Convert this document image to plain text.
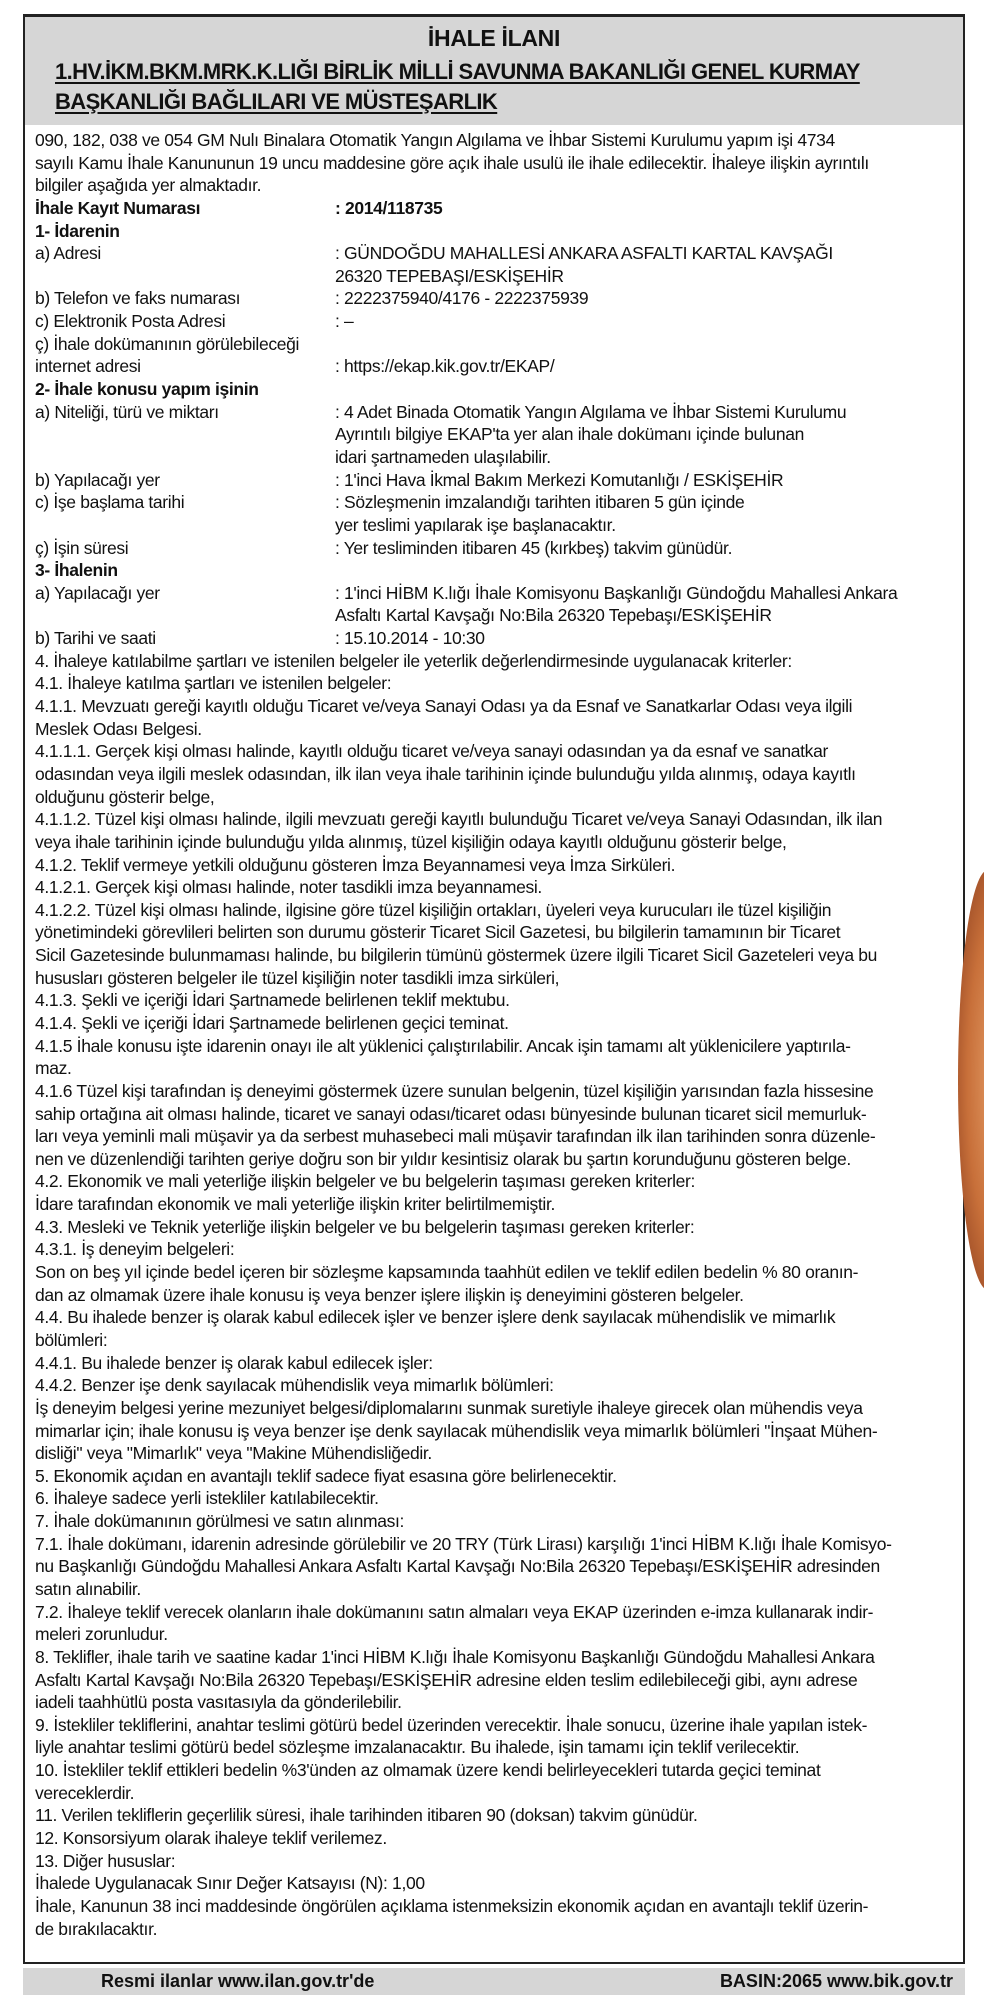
İHALE İLANI
1.HV.İKM.BKM.MRK.K.LIĞI BİRLİK MİLLİ SAVUNMA BAKANLIĞI GENEL KURMAY
BAŞKANLIĞI BAĞLILARI VE MÜSTEŞARLIK
090, 182, 038 ve 054 GM Nulı Binalara Otomatik Yangın Algılama ve İhbar Sistemi Kurulumu yapım işi 4734
sayılı Kamu İhale Kanununun 19 uncu maddesine göre açık ihale usulü ile ihale edilecektir. İhaleye ilişkin ayrıntılı
bilgiler aşağıda yer almaktadır.
İhale Kayıt Numarası	: 2014/118735
1- İdarenin
a) Adresi	: GÜNDOĞDU MAHALLESİ ANKARA ASFALTI KARTAL KAVŞAĞI
26320 TEPEBAŞI/ESKİŞEHİR
b) Telefon ve faks numarası	: 2222375940/4176 - 2222375939
c) Elektronik Posta Adresi	: –
ç) İhale dokümanının görülebileceği
internet adresi	: https://ekap.kik.gov.tr/EKAP/
2- İhale konusu yapım işinin
a) Niteliği, türü ve miktarı	: 4 Adet Binada Otomatik Yangın Algılama ve İhbar Sistemi Kurulumu
Ayrıntılı bilgiye EKAP'ta yer alan ihale dokümanı içinde bulunan
idari şartnameden ulaşılabilir.
b) Yapılacağı yer	: 1'inci Hava İkmal Bakım Merkezi Komutanlığı / ESKİŞEHİR
c) İşe başlama tarihi	: Sözleşmenin imzalandığı tarihten itibaren 5 gün içinde
yer teslimi yapılarak işe başlanacaktır.
ç) İşin süresi	: Yer tesliminden itibaren 45 (kırkbeş) takvim günüdür.
3- İhalenin
a) Yapılacağı yer	: 1'inci HİBM K.lığı İhale Komisyonu Başkanlığı Gündoğdu Mahallesi Ankara
Asfaltı Kartal Kavşağı No:Bila 26320 Tepebaşı/ESKİŞEHİR
b) Tarihi ve saati	: 15.10.2014 - 10:30
4. İhaleye katılabilme şartları ve istenilen belgeler ile yeterlik değerlendirmesinde uygulanacak kriterler:
4.1. İhaleye katılma şartları ve istenilen belgeler:
4.1.1. Mevzuatı gereği kayıtlı olduğu Ticaret ve/veya Sanayi Odası ya da Esnaf ve Sanatkarlar Odası veya ilgili
Meslek Odası Belgesi.
4.1.1.1. Gerçek kişi olması halinde, kayıtlı olduğu ticaret ve/veya sanayi odasından ya da esnaf ve sanatkar
odasından veya ilgili meslek odasından, ilk ilan veya ihale tarihinin içinde bulunduğu yılda alınmış, odaya kayıtlı
olduğunu gösterir belge,
4.1.1.2. Tüzel kişi olması halinde, ilgili mevzuatı gereği kayıtlı bulunduğu Ticaret ve/veya Sanayi Odasından, ilk ilan
veya ihale tarihinin içinde bulunduğu yılda alınmış, tüzel kişiliğin odaya kayıtlı olduğunu gösterir belge,
4.1.2. Teklif vermeye yetkili olduğunu gösteren İmza Beyannamesi veya İmza Sirküleri.
4.1.2.1. Gerçek kişi olması halinde, noter tasdikli imza beyannamesi.
4.1.2.2. Tüzel kişi olması halinde, ilgisine göre tüzel kişiliğin ortakları, üyeleri veya kurucuları ile tüzel kişiliğin
yönetimindeki görevlileri belirten son durumu gösterir Ticaret Sicil Gazetesi, bu bilgilerin tamamının bir Ticaret
Sicil Gazetesinde bulunmaması halinde, bu bilgilerin tümünü göstermek üzere ilgili Ticaret Sicil Gazeteleri veya bu
hususları gösteren belgeler ile tüzel kişiliğin noter tasdikli imza sirküleri,
4.1.3. Şekli ve içeriği İdari Şartnamede belirlenen teklif mektubu.
4.1.4. Şekli ve içeriği İdari Şartnamede belirlenen geçici teminat.
4.1.5 İhale konusu işte idarenin onayı ile alt yüklenici çalıştırılabilir. Ancak işin tamamı alt yüklenicilere yaptırıla-
maz.
4.1.6 Tüzel kişi tarafından iş deneyimi göstermek üzere sunulan belgenin, tüzel kişiliğin yarısından fazla hissesine
sahip ortağına ait olması halinde, ticaret ve sanayi odası/ticaret odası bünyesinde bulunan ticaret sicil memurluk-
ları veya yeminli mali müşavir ya da serbest muhasebeci mali müşavir tarafından ilk ilan tarihinden sonra düzenle-
nen ve düzenlendiği tarihten geriye doğru son bir yıldır kesintisiz olarak bu şartın korunduğunu gösteren belge.
4.2. Ekonomik ve mali yeterliğe ilişkin belgeler ve bu belgelerin taşıması gereken kriterler:
İdare tarafından ekonomik ve mali yeterliğe ilişkin kriter belirtilmemiştir.
4.3. Mesleki ve Teknik yeterliğe ilişkin belgeler ve bu belgelerin taşıması gereken kriterler:
4.3.1. İş deneyim belgeleri:
Son on beş yıl içinde bedel içeren bir sözleşme kapsamında taahhüt edilen ve teklif edilen bedelin % 80 oranın-
dan az olmamak üzere ihale konusu iş veya benzer işlere ilişkin iş deneyimini gösteren belgeler.
4.4. Bu ihalede benzer iş olarak kabul edilecek işler ve benzer işlere denk sayılacak mühendislik ve mimarlık
bölümleri:
4.4.1. Bu ihalede benzer iş olarak kabul edilecek işler:
4.4.2. Benzer işe denk sayılacak mühendislik veya mimarlık bölümleri:
İş deneyim belgesi yerine mezuniyet belgesi/diplomalarını sunmak suretiyle ihaleye girecek olan mühendis veya
mimarlar için; ihale konusu iş veya benzer işe denk sayılacak mühendislik veya mimarlık bölümleri "İnşaat Mühen-
disliği" veya "Mimarlık" veya "Makine Mühendisliğedir.
5. Ekonomik açıdan en avantajlı teklif sadece fiyat esasına göre belirlenecektir.
6. İhaleye sadece yerli istekliler katılabilecektir.
7. İhale dokümanının görülmesi ve satın alınması:
7.1. İhale dokümanı, idarenin adresinde görülebilir ve 20 TRY (Türk Lirası) karşılığı 1'inci HİBM K.lığı İhale Komisyo-
nu Başkanlığı Gündoğdu Mahallesi Ankara Asfaltı Kartal Kavşağı No:Bila 26320 Tepebaşı/ESKİŞEHİR adresinden
satın alınabilir.
7.2. İhaleye teklif verecek olanların ihale dokümanını satın almaları veya EKAP üzerinden e-imza kullanarak indir-
meleri zorunludur.
8. Teklifler, ihale tarih ve saatine kadar 1'inci HİBM K.lığı İhale Komisyonu Başkanlığı Gündoğdu Mahallesi Ankara
Asfaltı Kartal Kavşağı No:Bila 26320 Tepebaşı/ESKİŞEHİR adresine elden teslim edilebileceği gibi, aynı adrese
iadeli taahhütlü posta vasıtasıyla da gönderilebilir.
9. İstekliler tekliflerini, anahtar teslimi götürü bedel üzerinden verecektir. İhale sonucu, üzerine ihale yapılan istek-
liyle anahtar teslimi götürü bedel sözleşme imzalanacaktır. Bu ihalede, işin tamamı için teklif verilecektir.
10. İstekliler teklif ettikleri bedelin %3'ünden az olmamak üzere kendi belirleyecekleri tutarda geçici teminat
vereceklerdir.
11. Verilen tekliflerin geçerlilik süresi, ihale tarihinden itibaren 90 (doksan) takvim günüdür.
12. Konsorsiyum olarak ihaleye teklif verilemez.
13. Diğer hususlar:
İhalede Uygulanacak Sınır Değer Katsayısı (N): 1,00
İhale, Kanunun 38 inci maddesinde öngörülen açıklama istenmeksizin ekonomik açıdan en avantajlı teklif üzerin-
de bırakılacaktır.
Resmi ilanlar www.ilan.gov.tr'de	BASIN:2065 www.bik.gov.tr
